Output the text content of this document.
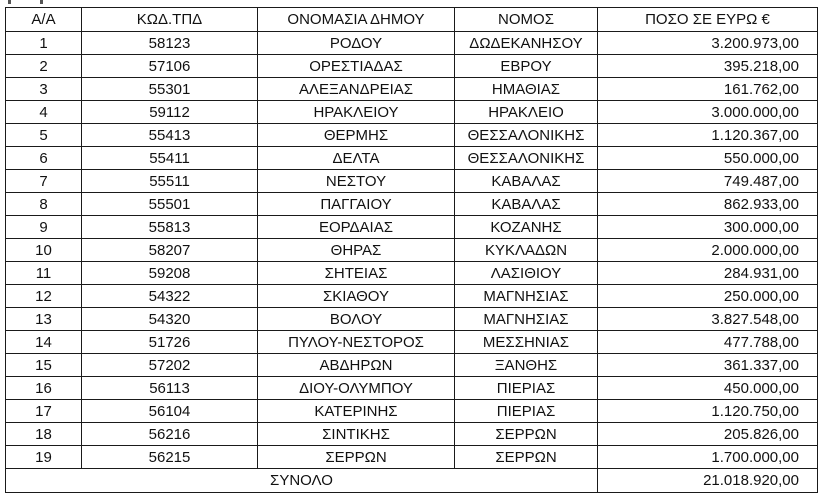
Α/Α	ΚΩΔ.ΤΠΔ	ΟΝΟΜΑΣΙΑ ΔΗΜΟΥ	ΝΟΜΟΣ	ΠΟΣΟ ΣΕ ΕΥΡΩ €
1	58123	ΡΟΔΟΥ	ΔΩΔΕΚΑΝΗΣΟΥ	3.200.973,00
2	57106	ΟΡΕΣΤΙΑΔΑΣ	ΕΒΡΟΥ	395.218,00
3	55301	ΑΛΕΞΑΝΔΡΕΙΑΣ	ΗΜΑΘΙΑΣ	161.762,00
4	59112	ΗΡΑΚΛΕΙΟΥ	ΗΡΑΚΛΕΙΟ	3.000.000,00
5	55413	ΘΕΡΜΗΣ	ΘΕΣΣΑΛΟΝΙΚΗΣ	1.120.367,00
6	55411	ΔΕΛΤΑ	ΘΕΣΣΑΛΟΝΙΚΗΣ	550.000,00
7	55511	ΝΕΣΤΟΥ	ΚΑΒΑΛΑΣ	749.487,00
8	55501	ΠΑΓΓΑΙΟΥ	ΚΑΒΑΛΑΣ	862.933,00
9	55813	ΕΟΡΔΑΙΑΣ	ΚΟΖΑΝΗΣ	300.000,00
10	58207	ΘΗΡΑΣ	ΚΥΚΛΑΔΩΝ	2.000.000,00
11	59208	ΣΗΤΕΙΑΣ	ΛΑΣΙΘΙΟΥ	284.931,00
12	54322	ΣΚΙΑΘΟΥ	ΜΑΓΝΗΣΙΑΣ	250.000,00
13	54320	ΒΟΛΟΥ	ΜΑΓΝΗΣΙΑΣ	3.827.548,00
14	51726	ΠΥΛΟΥ-ΝΕΣΤΟΡΟΣ	ΜΕΣΣΗΝΙΑΣ	477.788,00
15	57202	ΑΒΔΗΡΩΝ	ΞΑΝΘΗΣ	361.337,00
16	56113	ΔΙΟΥ-ΟΛΥΜΠΟΥ	ΠΙΕΡΙΑΣ	450.000,00
17	56104	ΚΑΤΕΡΙΝΗΣ	ΠΙΕΡΙΑΣ	1.120.750,00
18	56216	ΣΙΝΤΙΚΗΣ	ΣΕΡΡΩΝ	205.826,00
19	56215	ΣΕΡΡΩΝ	ΣΕΡΡΩΝ	1.700.000,00
ΣΥΝΟΛΟ				21.018.920,00
